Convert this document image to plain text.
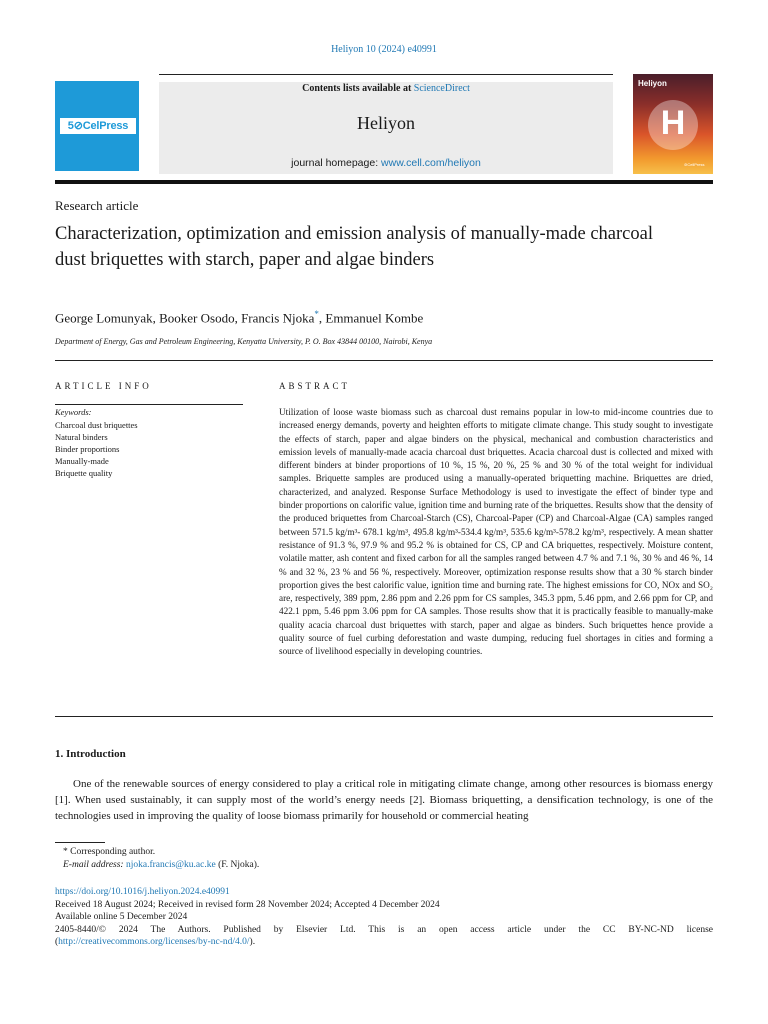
Heliyon 10 (2024) e40991
5⊘CelPress
Contents lists available at ScienceDirect
Heliyon
journal homepage: www.cell.com/heliyon
Heliyon
H
⊘CellPress
Research article
Characterization, optimization and emission analysis of manually-made charcoal dust briquettes with starch, paper and algae binders
George Lomunyak, Booker Osodo, Francis Njoka*, Emmanuel Kombe
Department of Energy, Gas and Petroleum Engineering, Kenyatta University, P. O. Box 43844 00100, Nairobi, Kenya
ARTICLE INFO	ABSTRACT
Keywords:
Charcoal dust briquettes
Natural binders
Binder proportions
Manually-made
Briquette quality
Utilization of loose waste biomass such as charcoal dust remains popular in low-to mid-income countries due to increased energy demands, poverty and heighten efforts to mitigate climate change. This study sought to investigate the effects of starch, paper and algae binders on the physical, mechanical and combustion characteristics and emission levels of manually-made acacia charcoal dust briquettes. Acacia charcoal dust is collected and mixed with different binders at binder proportions of 10 %, 15 %, 20 %, 25 % and 30 % of the total weight for individual samples. Briquette samples are produced using a manually-operated briquetting machine. Briquettes are dried, characterized, and analyzed. Response Surface Methodology is used to investigate the effect of binder type and binder proportions on calorific value, ignition time and burning rate of the briquettes. Results show that the density of the produced briquettes from Charcoal-Starch (CS), Charcoal-Paper (CP) and Charcoal-Algae (CA) samples ranged between 571.5 kg/m³- 678.1 kg/m³, 495.8 kg/m³-534.4 kg/m³, 535.6 kg/m³-578.2 kg/m³, respectively. A mean shatter resistance of 91.3 %, 97.9 % and 95.2 % is obtained for CS, CP and CA briquettes, respectively. Moisture content, volatile matter, ash content and fixed carbon for all the samples ranged between 4.7 % and 7.1 %, 30 % and 46 %, 14 % and 32 %, 23 % and 56 %, respectively. Moreover, optimization response results show that a 30 % starch binder proportion gives the best calorific value, ignition time and burning rate. The highest emissions for CO, NOx and SO₂ are, respectively, 389 ppm, 2.86 ppm and 2.26 ppm for CS samples, 345.3 ppm, 5.46 ppm, and 2.66 ppm for CP, and 422.1 ppm, 5.46 ppm 3.06 ppm for CA samples. Those results show that it is practically feasible to manually-make quality acacia charcoal dust briquettes with starch, paper and algae as binders. Such briquettes hence provide a quality source of fuel curbing deforestation and waste dumping, reducing fuel shortages in cities and forming a source of livelihood especially in developing countries.
1. Introduction
One of the renewable sources of energy considered to play a critical role in mitigating climate change, among other resources is biomass energy [1]. When used sustainably, it can supply most of the world’s energy needs [2]. Biomass briquetting, a densification technology, is one of the technologies used in improving the quality of loose biomass primarily for household or commercial heating
* Corresponding author.
E-mail address: njoka.francis@ku.ac.ke (F. Njoka).
https://doi.org/10.1016/j.heliyon.2024.e40991
Received 18 August 2024; Received in revised form 28 November 2024; Accepted 4 December 2024
Available online 5 December 2024
2405-8440/© 2024 The Authors. Published by Elsevier Ltd. This is an open access article under the CC BY-NC-ND license
(http://creativecommons.org/licenses/by-nc-nd/4.0/).
